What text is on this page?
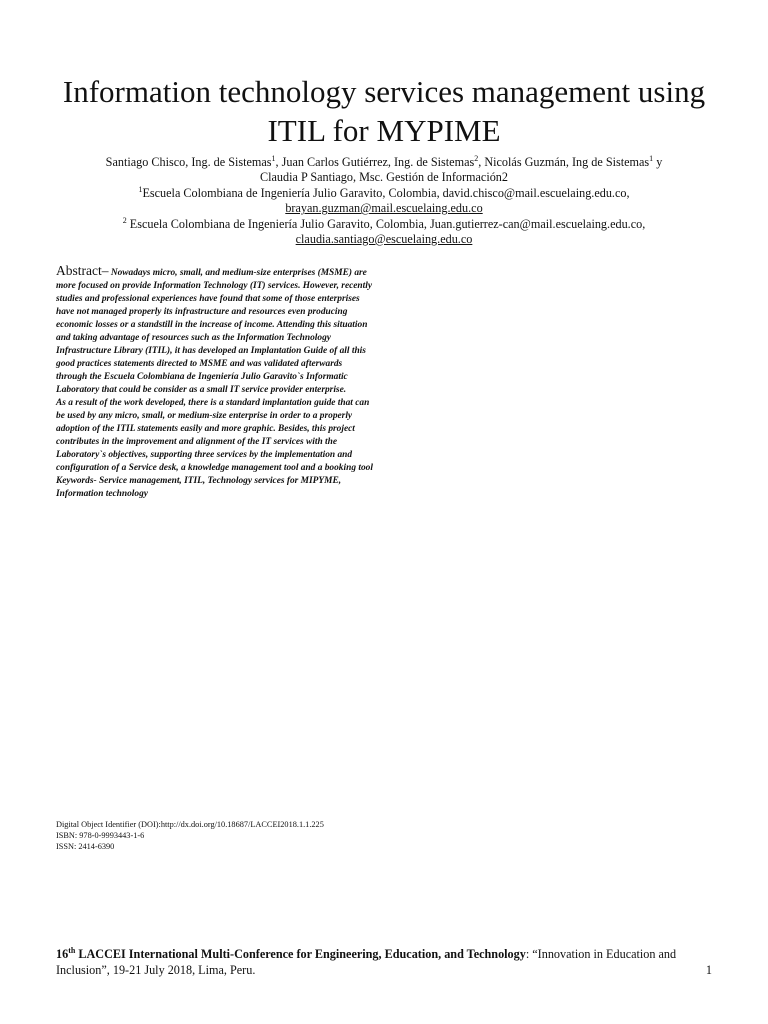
Information technology services management using
ITIL for MYPIME
Santiago Chisco, Ing. de Sistemas$^1$, Juan Carlos Gutiérrez, Ing. de Sistemas$^2$, Nicolás Guzmán, Ing de Sistemas$^1$ y
Claudia P Santiago, Msc. Gestión de Información2
$^1$Escuela Colombiana de Ingeniería Julio Garavito, Colombia, david.chisco@mail.escuelaing.edu.co,
brayan.guzman@mail.escuelaing.edu.co
$^2$ Escuela Colombiana de Ingeniería Julio Garavito, Colombia, Juan.gutierrez-can@mail.escuelaing.edu.co,
claudia.santiago@escuelaing.edu.co

Abstract– Nowadays micro, small, and medium-size enterprises (MSME) are more focused on provide Information Technology (IT) services. However, recently studies and professional experiences have found that some of those enterprises have not managed properly its infrastructure and resources even producing economic losses or a standstill in the increase of income. Attending this situation and taking advantage of resources such as the Information Technology Infrastructure Library (ITIL), it has developed an Implantation Guide of all this good practices statements directed to MSME and was validated afterwards through the Escuela Colombiana de Ingeniería Julio Garavito`s Informatic Laboratory that could be consider as a small IT service provider enterprise.

As a result of the work developed, there is a standard implantation guide that can be used by any micro, small, or medium-size enterprise in order to a properly adoption of the ITIL statements easily and more graphic. Besides, this project contributes in the improvement and alignment of the IT services with the Laboratory`s objectives, supporting three services by the implementation and configuration of a Service desk, a knowledge management tool and a booking tool

Keywords- Service management, ITIL, Technology services for MIPYME, Information technology

Digital Object Identifier (DOI):http://dx.doi.org/10.18687/LACCEI2018.1.1.225
ISBN: 978-0-9993443-1-6
ISSN: 2414-6390
16th LACCEI International Multi-Conference for Engineering, Education, and Technology: “Innovation in Education and Inclusion”, 19-21 July 2018, Lima, Peru.	1
